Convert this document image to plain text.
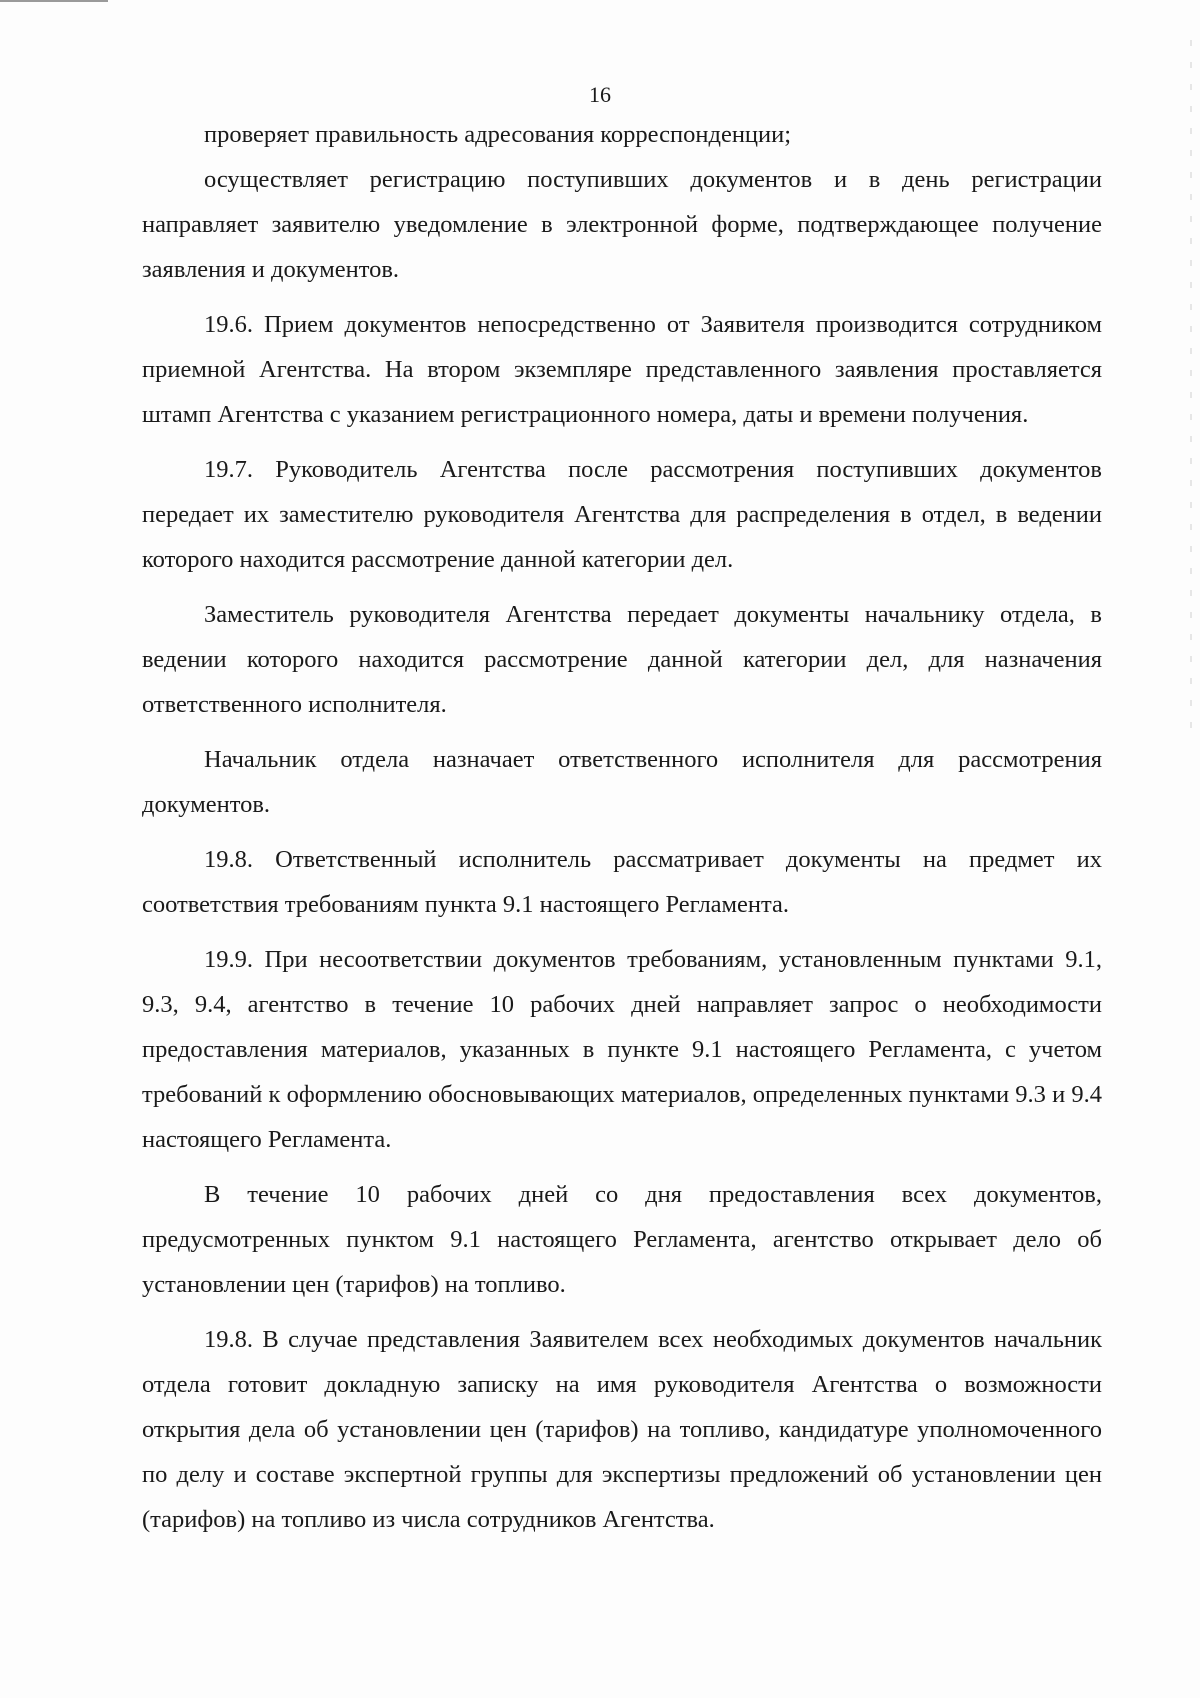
16

проверяет правильность адресования корреспонденции;

осуществляет регистрацию поступивших документов и в день регистрации направляет заявителю уведомление в электронной форме, подтверждающее получение заявления и документов.

19.6. Прием документов непосредственно от Заявителя производится сотрудником приемной Агентства. На втором экземпляре представленного заявления проставляется штамп Агентства с указанием регистрационного номера, даты и времени получения.

19.7. Руководитель Агентства после рассмотрения поступивших документов передает их заместителю руководителя Агентства для распределения в отдел, в ведении которого находится рассмотрение данной категории дел.

Заместитель руководителя Агентства передает документы начальнику отдела, в ведении которого находится рассмотрение данной категории дел, для назначения ответственного исполнителя.

Начальник отдела назначает ответственного исполнителя для рассмотрения документов.

19.8. Ответственный исполнитель рассматривает документы на предмет их соответствия требованиям пункта 9.1 настоящего Регламента.

19.9. При несоответствии документов требованиям, установленным пунктами 9.1, 9.3, 9.4, агентство в течение 10 рабочих дней направляет запрос о необходимости предоставления материалов, указанных в пункте 9.1 настоящего Регламента, с учетом требований к оформлению обосновывающих материалов, определенных пунктами 9.3 и 9.4 настоящего Регламента.

В течение 10 рабочих дней со дня предоставления всех документов, предусмотренных пунктом 9.1 настоящего Регламента, агентство открывает дело об установлении цен (тарифов) на топливо.

19.8. В случае представления Заявителем всех необходимых документов начальник отдела готовит докладную записку на имя руководителя Агентства о возможности открытия дела об установлении цен (тарифов) на топливо, кандидатуре уполномоченного по делу и составе экспертной группы для экспертизы предложений об установлении цен (тарифов) на топливо из числа сотрудников Агентства.
